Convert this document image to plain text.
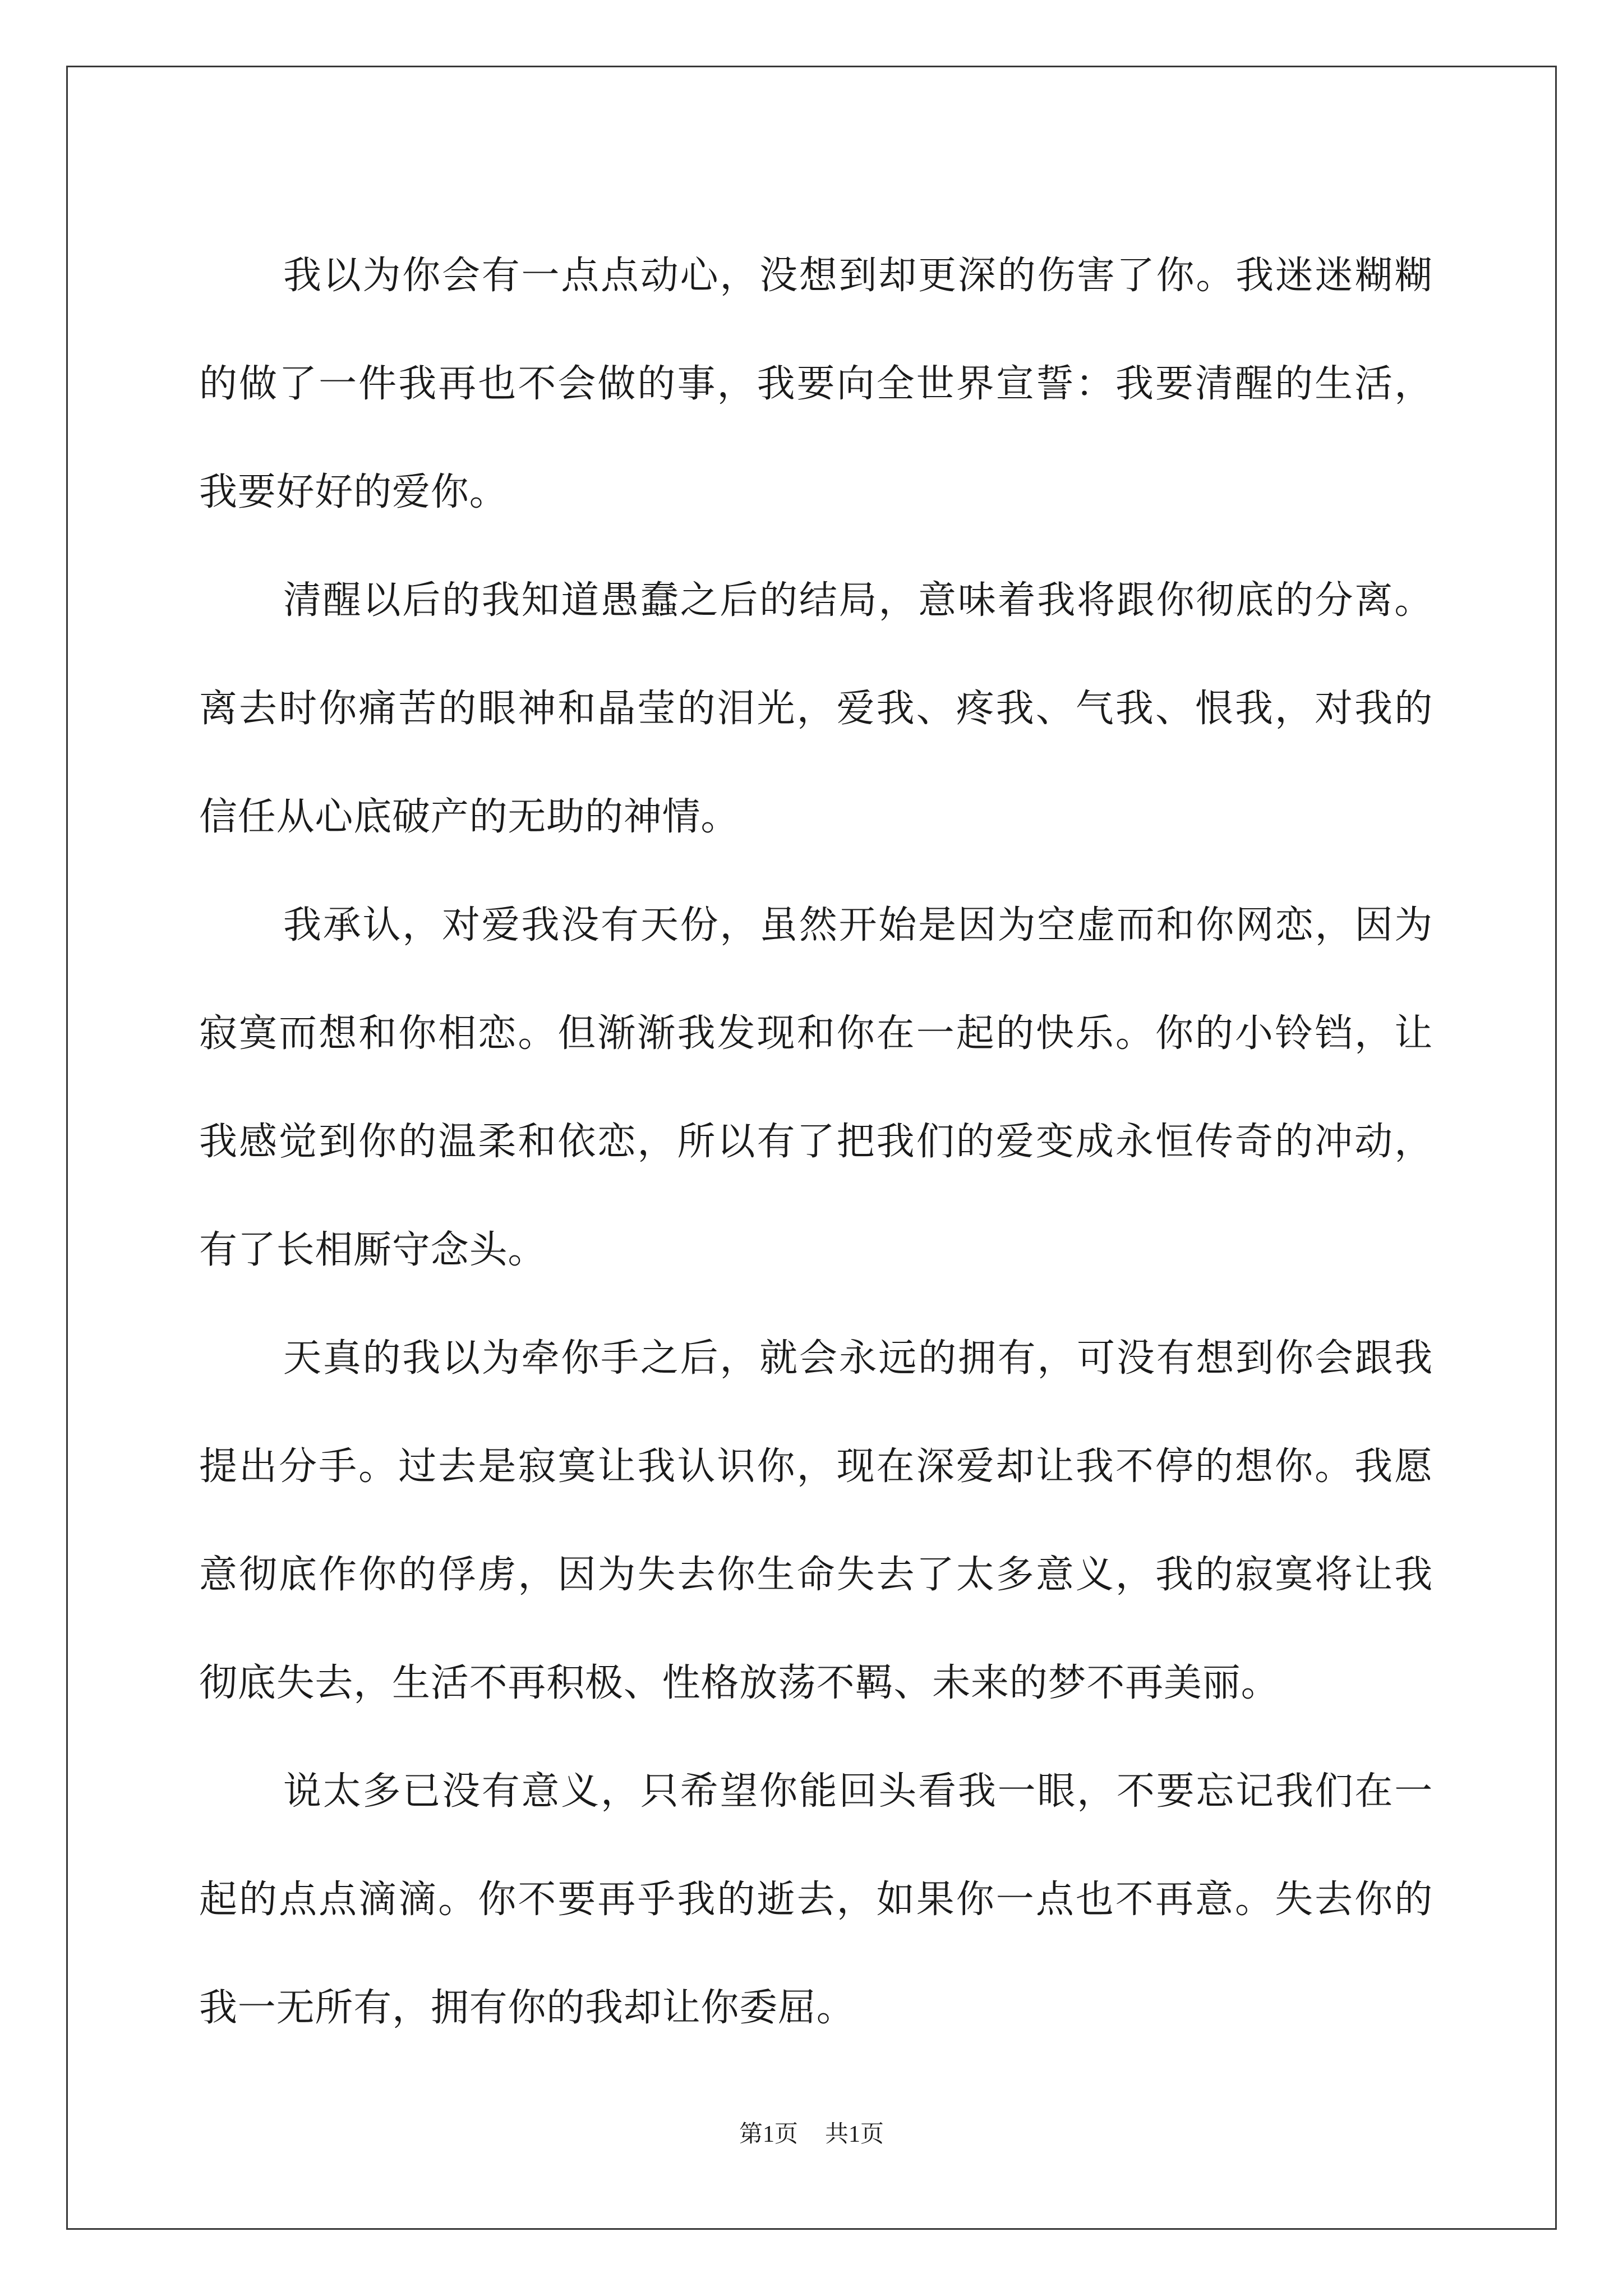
我以为你会有一点点动心，没想到却更深的伤害了你。我迷迷糊糊的做了一件我再也不会做的事，我要向全世界宣誓：我要清醒的生活，我要好好的爱你。

清醒以后的我知道愚蠢之后的结局，意味着我将跟你彻底的分离。离去时你痛苦的眼神和晶莹的泪光，爱我、疼我、气我、恨我，对我的信任从心底破产的无助的神情。

我承认，对爱我没有天份，虽然开始是因为空虚而和你网恋，因为寂寞而想和你相恋。但渐渐我发现和你在一起的快乐。你的小铃铛，让我感觉到你的温柔和依恋，所以有了把我们的爱变成永恒传奇的冲动，有了长相厮守念头。

天真的我以为牵你手之后，就会永远的拥有，可没有想到你会跟我提出分手。过去是寂寞让我认识你，现在深爱却让我不停的想你。我愿意彻底作你的俘虏，因为失去你生命失去了太多意义，我的寂寞将让我彻底失去，生活不再积极、性格放荡不羁、未来的梦不再美丽。

说太多已没有意义，只希望你能回头看我一眼，不要忘记我们在一起的点点滴滴。你不要再乎我的逝去，如果你一点也不再意。失去你的我一无所有，拥有你的我却让你委屈。

第1页 共1页
